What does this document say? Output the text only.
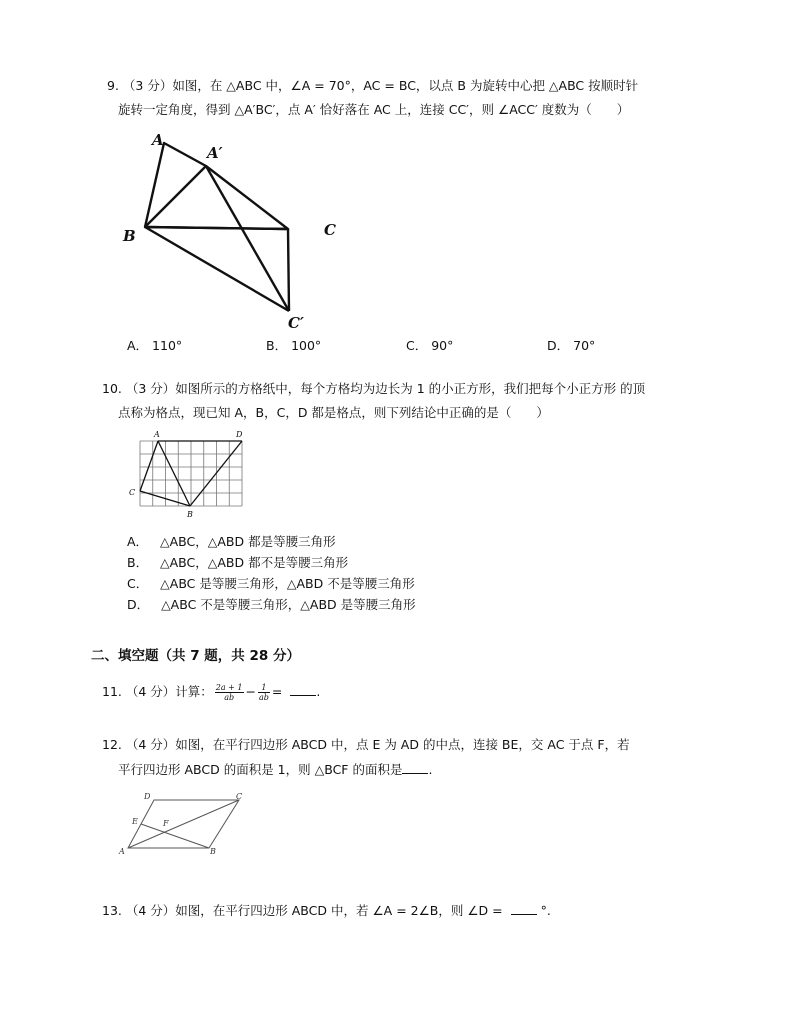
9. （3 分）如图，在 △ABC 中，∠A = 70°，AC = BC，以点 B 为旋转中心把 △ABC 按顺时针
旋转一定角度，得到 △A′BC′，点 A′ 恰好落在 AC 上，连接 CC′，则 ∠ACC′ 度数为（　　）
A
A′
B	C
C′
A． 110°	B． 100°	C． 90°	D． 70°
10. （3 分）如图所示的方格纸中，每个方格均为边长为 1 的小正方形，我们把每个小正方形 的顶
点称为格点，现已知 A，B，C，D 都是格点，则下列结论中正确的是（　　）
A	D
C
B
A． △ABC，△ABD 都是等腰三角形
B． △ABC，△ABD 都不是等腰三角形
C． △ABC 是等腰三角形，△ABD 不是等腰三角形
D． △ABC 不是等腰三角形，△ABD 是等腰三角形
二、填空题（共 7 题，共 28 分）
11. （4 分）计算： $\frac{2a + 1}{ab} - \frac{1}{ab}$ =	.
12. （4 分）如图，在平行四边形 ABCD 中，点 E 为 AD 的中点，连接 BE，交 AC 于点 F，若
平行四边形 ABCD 的面积是 1，则 △BCF 的面积是 .
D	C
E	F
A	B
13. （4 分）如图，在平行四边形 ABCD 中，若 ∠A = 2∠B，则 ∠D =	°.
